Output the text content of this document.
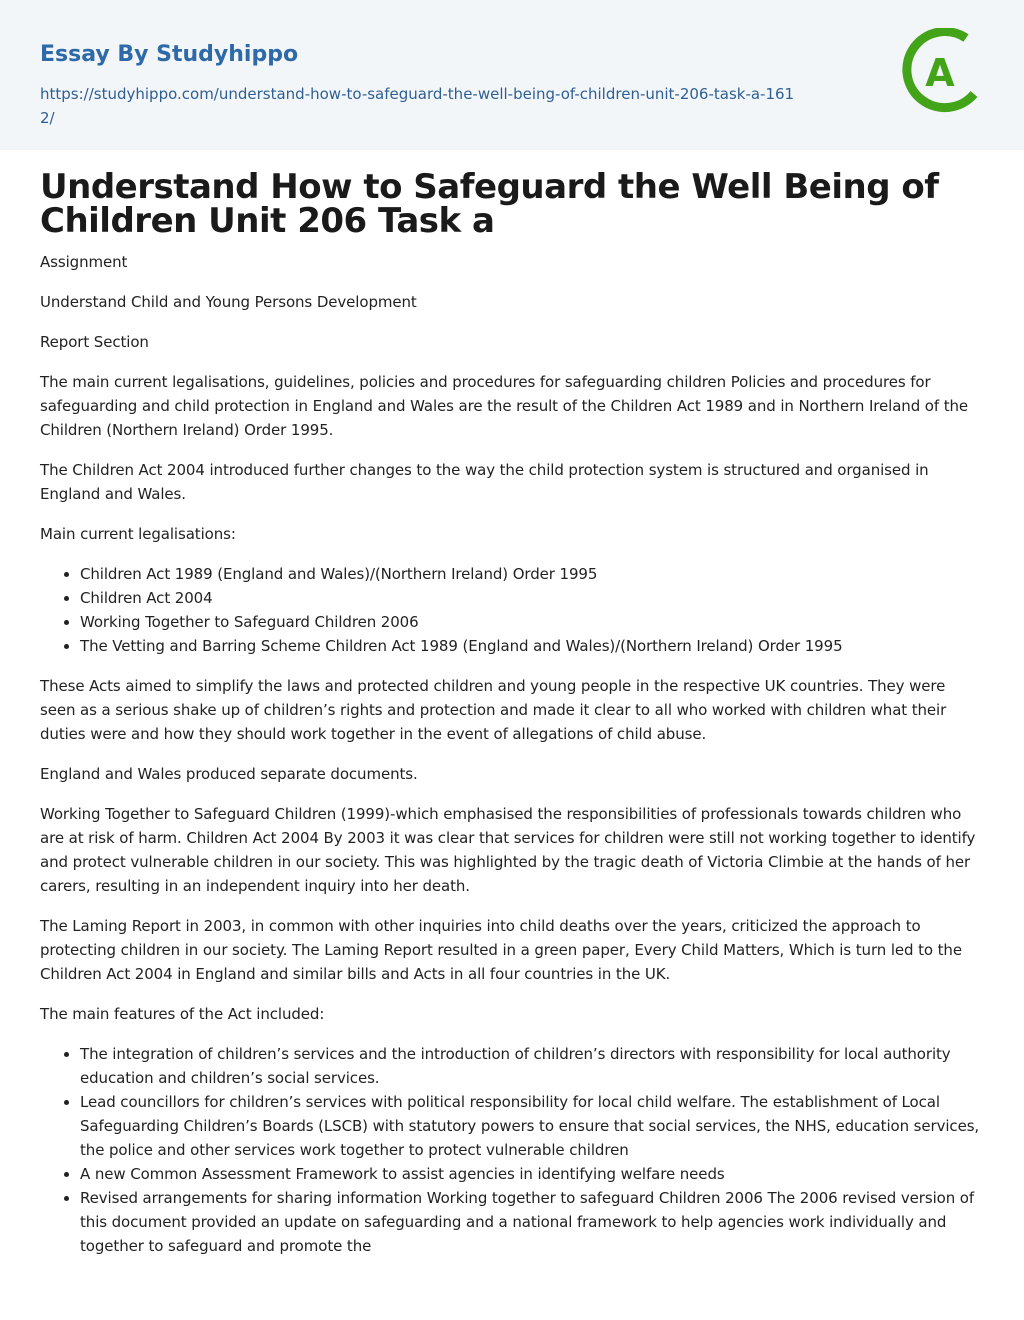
Essay By Studyhippo
https://studyhippo.com/understand-how-to-safeguard-the-well-being-of-children-unit-206-task-a-1612/
A
Understand How to Safeguard the Well Being of Children Unit 206 Task a

Assignment

Understand Child and Young Persons Development

Report Section

The main current legalisations, guidelines, policies and procedures for safeguarding children Policies and procedures for safeguarding and child protection in England and Wales are the result of the Children Act 1989 and in Northern Ireland of the Children (Northern Ireland) Order 1995.

The Children Act 2004 introduced further changes to the way the child protection system is structured and organised in England and Wales.

Main current legalisations:

• Children Act 1989 (England and Wales)/(Northern Ireland) Order 1995
• Children Act 2004
• Working Together to Safeguard Children 2006
• The Vetting and Barring Scheme Children Act 1989 (England and Wales)/(Northern Ireland) Order 1995

These Acts aimed to simplify the laws and protected children and young people in the respective UK countries. They were seen as a serious shake up of children’s rights and protection and made it clear to all who worked with children what their duties were and how they should work together in the event of allegations of child abuse.

England and Wales produced separate documents.

Working Together to Safeguard Children (1999)-which emphasised the responsibilities of professionals towards children who are at risk of harm. Children Act 2004 By 2003 it was clear that services for children were still not working together to identify and protect vulnerable children in our society. This was highlighted by the tragic death of Victoria Climbie at the hands of her carers, resulting in an independent inquiry into her death.

The Laming Report in 2003, in common with other inquiries into child deaths over the years, criticized the approach to protecting children in our society. The Laming Report resulted in a green paper, Every Child Matters, Which is turn led to the Children Act 2004 in England and similar bills and Acts in all four countries in the UK.

The main features of the Act included:

• The integration of children’s services and the introduction of children’s directors with responsibility for local authority education and children’s social services.
• Lead councillors for children’s services with political responsibility for local child welfare. The establishment of Local Safeguarding Children’s Boards (LSCB) with statutory powers to ensure that social services, the NHS, education services, the police and other services work together to protect vulnerable children
• A new Common Assessment Framework to assist agencies in identifying welfare needs
• Revised arrangements for sharing information Working together to safeguard Children 2006 The 2006 revised version of this document provided an update on safeguarding and a national framework to help agencies work individually and together to safeguard and promote the
